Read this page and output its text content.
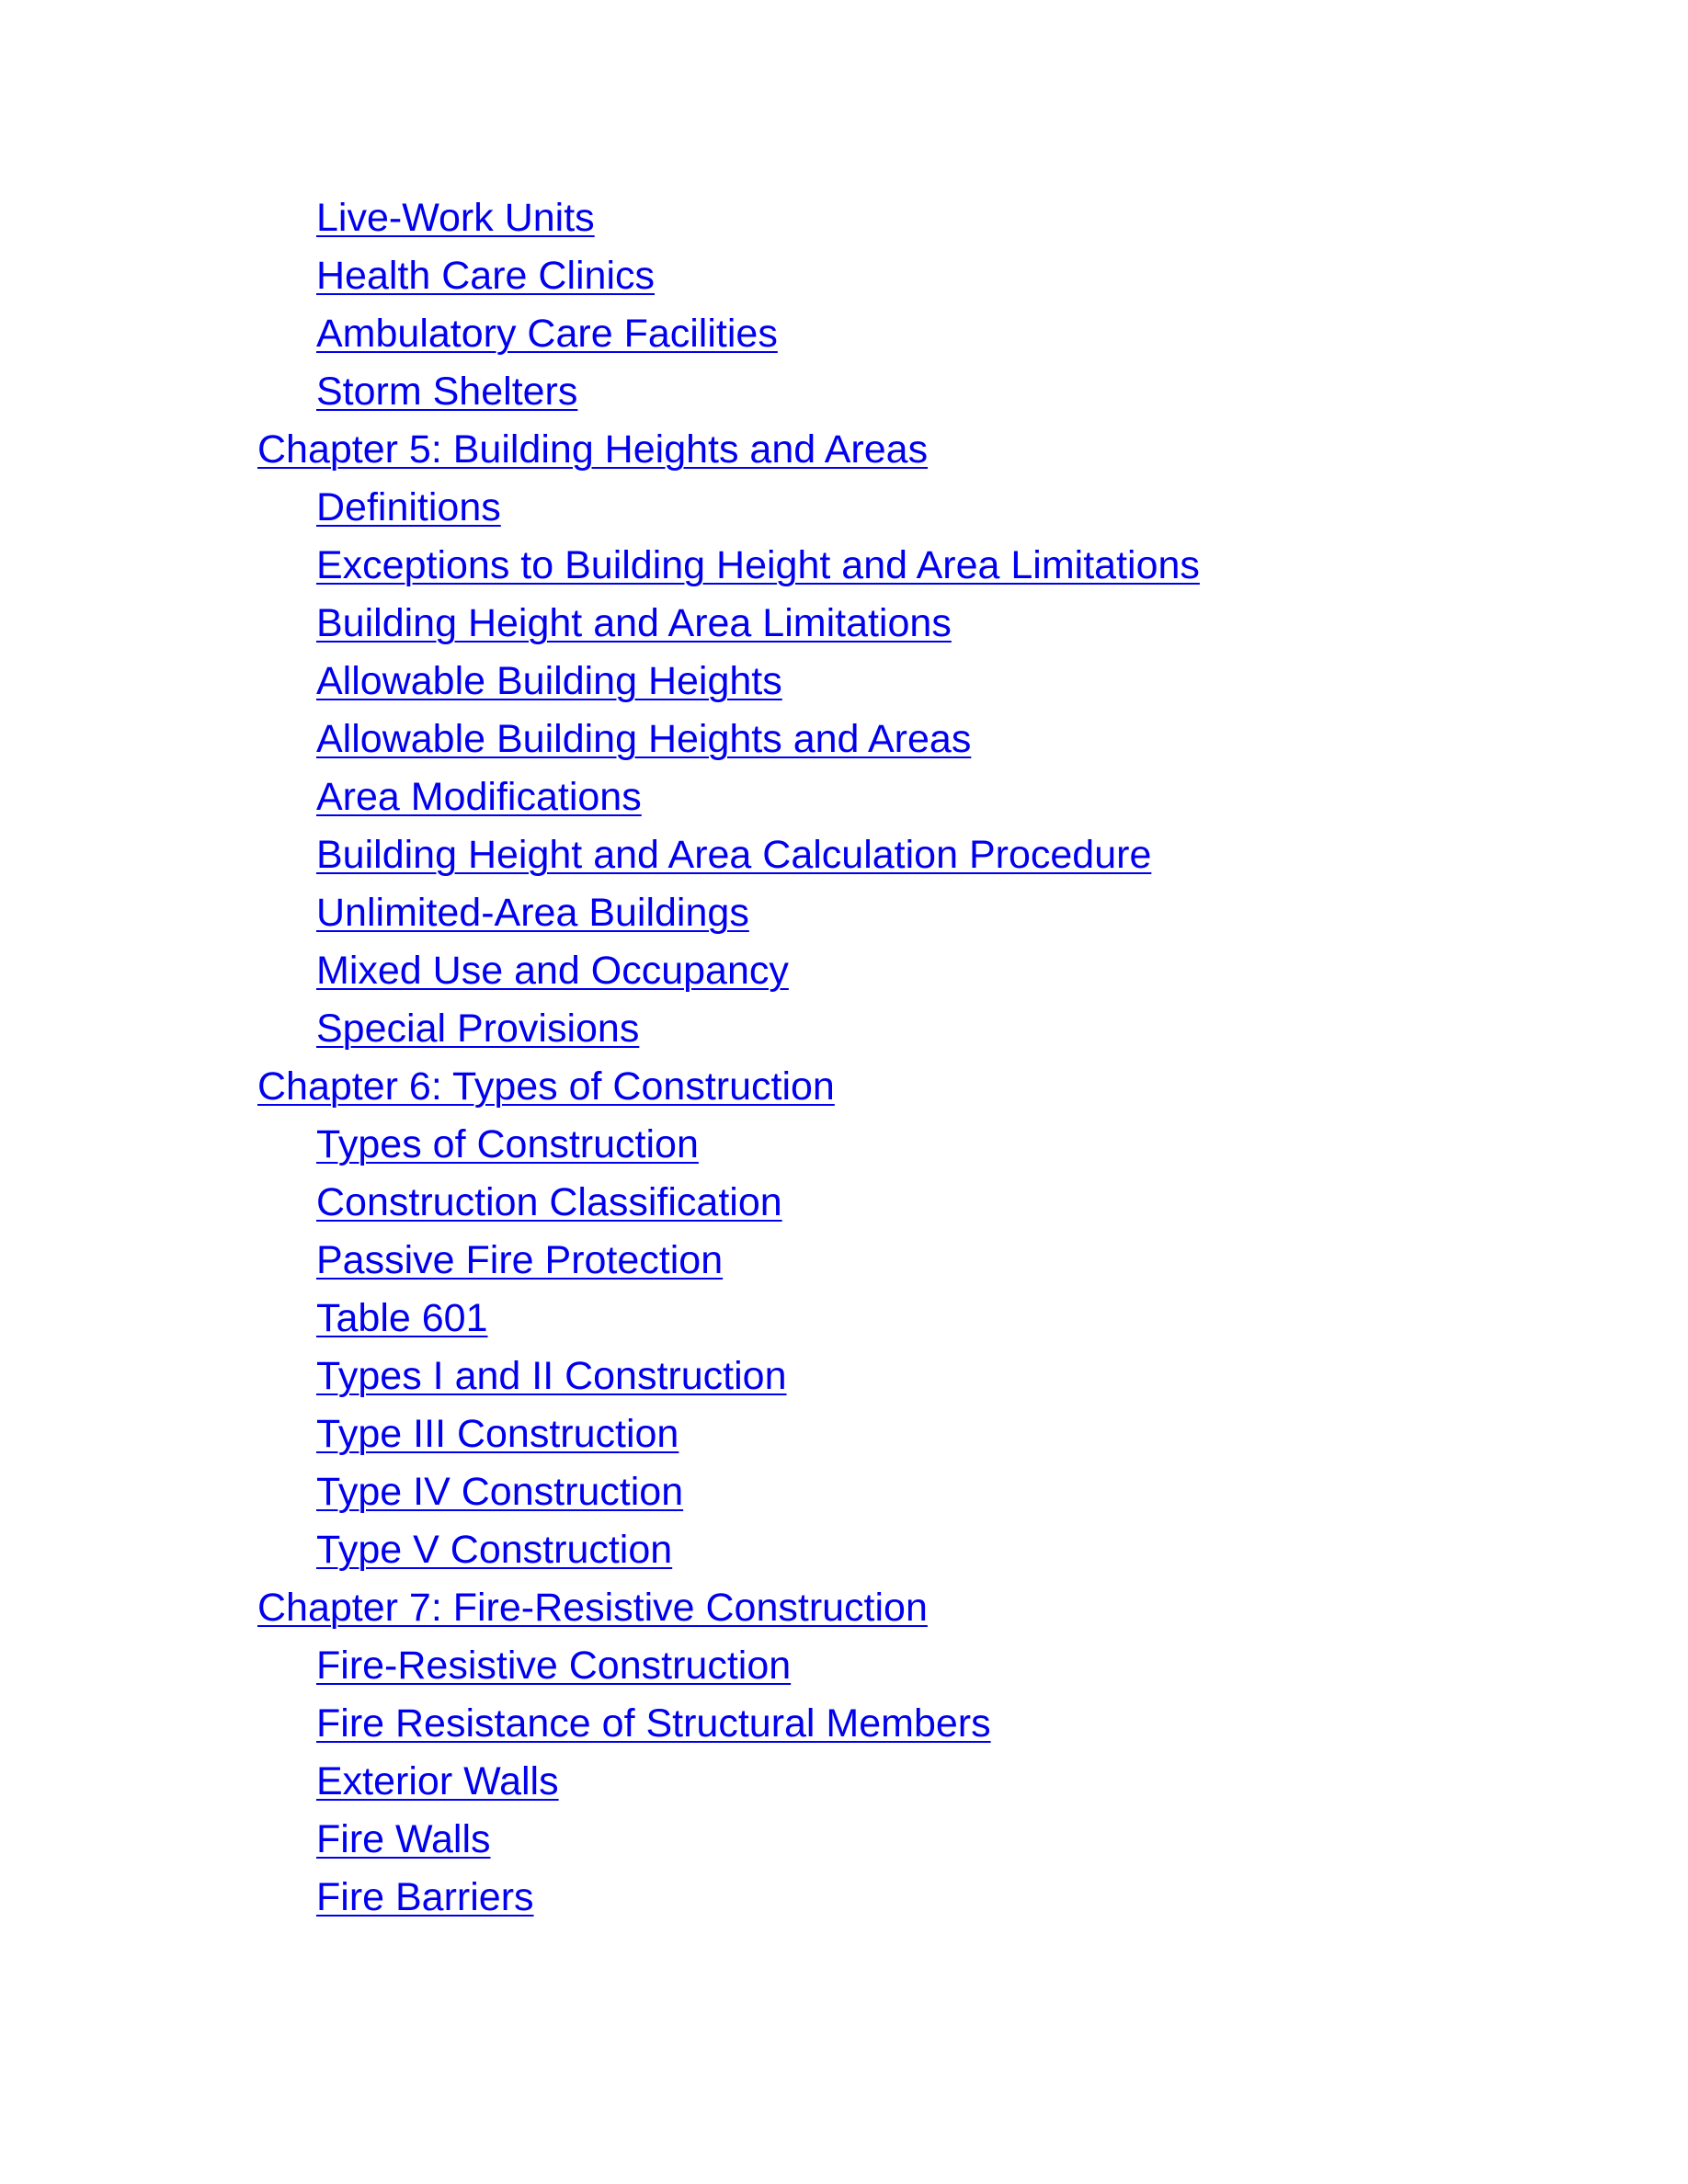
Live-Work Units
Health Care Clinics
Ambulatory Care Facilities
Storm Shelters
Chapter 5: Building Heights and Areas
Definitions
Exceptions to Building Height and Area Limitations
Building Height and Area Limitations
Allowable Building Heights
Allowable Building Heights and Areas
Area Modifications
Building Height and Area Calculation Procedure
Unlimited-Area Buildings
Mixed Use and Occupancy
Special Provisions
Chapter 6: Types of Construction
Types of Construction
Construction Classification
Passive Fire Protection
Table 601
Types I and II Construction
Type III Construction
Type IV Construction
Type V Construction
Chapter 7: Fire-Resistive Construction
Fire-Resistive Construction
Fire Resistance of Structural Members
Exterior Walls
Fire Walls
Fire Barriers
